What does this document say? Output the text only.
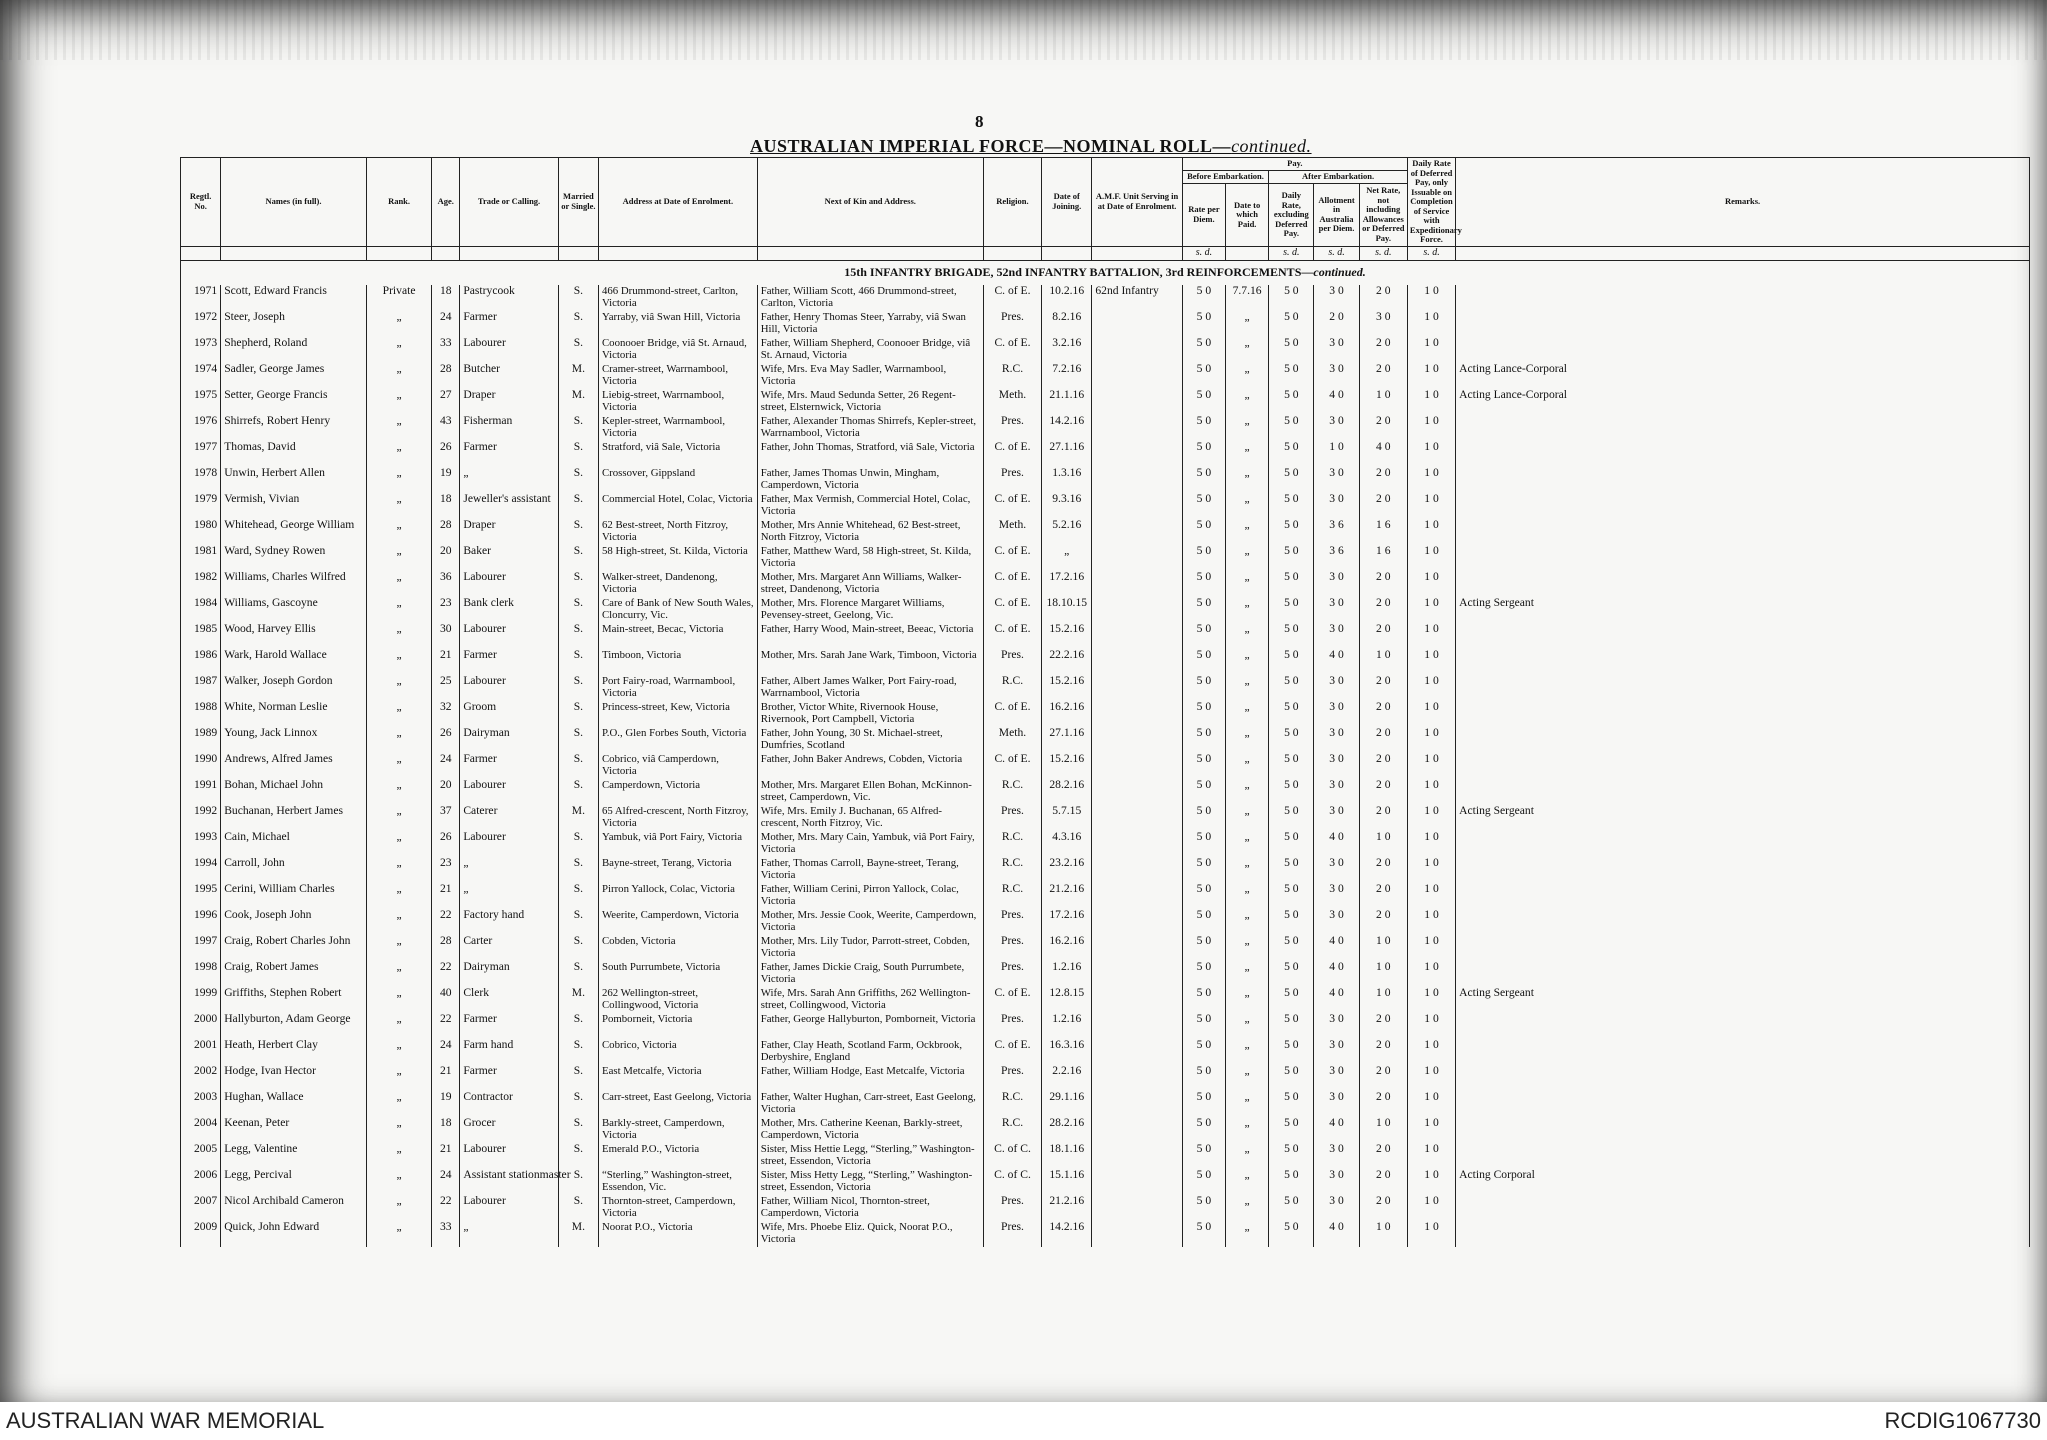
8
AUSTRALIAN IMPERIAL FORCE—NOMINAL ROLL—continued.
Regtl. No.	Names (in full).	Rank.	Age.	Trade or Calling.	Married or Single.	Address at Date of Enrolment.	Next of Kin and Address.	Religion.	Date of Joining.	A.M.F. Unit Serving in at Date of Enrolment.	Pay.					Daily Rate of Deferred Pay, only Issuable on Completion of Service with Expeditionary Force.	Remarks.
											Before Embarkation.		After Embarkation.				
											Rate per Diem.	Date to which Paid.	Daily Rate, excluding Deferred Pay.	Allotment in Australia per Diem.	Net Rate, not including Allowances or Deferred Pay.		
											s. d.		s. d.	s. d.	s. d.	s. d.	
15th INFANTRY BRIGADE, 52nd INFANTRY BATTALION, 3rd REINFORCEMENTS—continued.																	
1971	Scott, Edward Francis	Private	18	Pastrycook	S.	466 Drummond-street, Carlton, Victoria	Father, William Scott, 466 Drummond-street, Carlton, Victoria	C. of E.	10.2.16	62nd Infantry	5 0	7.7.16	5 0	3 0	2 0	1 0	
1972	Steer, Joseph	„	24	Farmer	S.	Yarraby, viâ Swan Hill, Victoria	Father, Henry Thomas Steer, Yarraby, viâ Swan Hill, Victoria	Pres.	8.2.16		5 0	„	5 0	2 0	3 0	1 0	
1973	Shepherd, Roland	„	33	Labourer	S.	Coonooer Bridge, viâ St. Arnaud, Victoria	Father, William Shepherd, Coonooer Bridge, viâ St. Arnaud, Victoria	C. of E.	3.2.16		5 0	„	5 0	3 0	2 0	1 0	
1974	Sadler, George James	„	28	Butcher	M.	Cramer-street, Warrnambool, Victoria	Wife, Mrs. Eva May Sadler, Warrnambool, Victoria	R.C.	7.2.16		5 0	„	5 0	3 0	2 0	1 0	Acting Lance-Corporal
1975	Setter, George Francis	„	27	Draper	M.	Liebig-street, Warrnambool, Victoria	Wife, Mrs. Maud Sedunda Setter, 26 Regent-street, Elsternwick, Victoria	Meth.	21.1.16		5 0	„	5 0	4 0	1 0	1 0	Acting Lance-Corporal
1976	Shirrefs, Robert Henry	„	43	Fisherman	S.	Kepler-street, Warrnambool, Victoria	Father, Alexander Thomas Shirrefs, Kepler-street, Warrnambool, Victoria	Pres.	14.2.16		5 0	„	5 0	3 0	2 0	1 0	
1977	Thomas, David	„	26	Farmer	S.	Stratford, viâ Sale, Victoria	Father, John Thomas, Stratford, viâ Sale, Victoria	C. of E.	27.1.16		5 0	„	5 0	1 0	4 0	1 0	
1978	Unwin, Herbert Allen	„	19	„	S.	Crossover, Gippsland	Father, James Thomas Unwin, Mingham, Camperdown, Victoria	Pres.	1.3.16		5 0	„	5 0	3 0	2 0	1 0	
1979	Vermish, Vivian	„	18	Jeweller's assistant	S.	Commercial Hotel, Colac, Victoria	Father, Max Vermish, Commercial Hotel, Colac, Victoria	C. of E.	9.3.16		5 0	„	5 0	3 0	2 0	1 0	
1980	Whitehead, George William	„	28	Draper	S.	62 Best-street, North Fitzroy, Victoria	Mother, Mrs Annie Whitehead, 62 Best-street, North Fitzroy, Victoria	Meth.	5.2.16		5 0	„	5 0	3 6	1 6	1 0	
1981	Ward, Sydney Rowen	„	20	Baker	S.	58 High-street, St. Kilda, Victoria	Father, Matthew Ward, 58 High-street, St. Kilda, Victoria	C. of E.	„		5 0	„	5 0	3 6	1 6	1 0	
1982	Williams, Charles Wilfred	„	36	Labourer	S.	Walker-street, Dandenong, Victoria	Mother, Mrs. Margaret Ann Williams, Walker-street, Dandenong, Victoria	C. of E.	17.2.16		5 0	„	5 0	3 0	2 0	1 0	
1984	Williams, Gascoyne	„	23	Bank clerk	S.	Care of Bank of New South Wales, Cloncurry, Vic.	Mother, Mrs. Florence Margaret Williams, Pevensey-street, Geelong, Vic.	C. of E.	18.10.15		5 0	„	5 0	3 0	2 0	1 0	Acting Sergeant
1985	Wood, Harvey Ellis	„	30	Labourer	S.	Main-street, Becac, Victoria	Father, Harry Wood, Main-street, Beeac, Victoria	C. of E.	15.2.16		5 0	„	5 0	3 0	2 0	1 0	
1986	Wark, Harold Wallace	„	21	Farmer	S.	Timboon, Victoria	Mother, Mrs. Sarah Jane Wark, Timboon, Victoria	Pres.	22.2.16		5 0	„	5 0	4 0	1 0	1 0	
1987	Walker, Joseph Gordon	„	25	Labourer	S.	Port Fairy-road, Warrnambool, Victoria	Father, Albert James Walker, Port Fairy-road, Warrnambool, Victoria	R.C.	15.2.16		5 0	„	5 0	3 0	2 0	1 0	
1988	White, Norman Leslie	„	32	Groom	S.	Princess-street, Kew, Victoria	Brother, Victor White, Rivernook House, Rivernook, Port Campbell, Victoria	C. of E.	16.2.16		5 0	„	5 0	3 0	2 0	1 0	
1989	Young, Jack Linnox	„	26	Dairyman	S.	P.O., Glen Forbes South, Victoria	Father, John Young, 30 St. Michael-street, Dumfries, Scotland	Meth.	27.1.16		5 0	„	5 0	3 0	2 0	1 0	
1990	Andrews, Alfred James	„	24	Farmer	S.	Cobrico, viâ Camperdown, Victoria	Father, John Baker Andrews, Cobden, Victoria	C. of E.	15.2.16		5 0	„	5 0	3 0	2 0	1 0	
1991	Bohan, Michael John	„	20	Labourer	S.	Camperdown, Victoria	Mother, Mrs. Margaret Ellen Bohan, McKinnon-street, Camperdown, Vic.	R.C.	28.2.16		5 0	„	5 0	3 0	2 0	1 0	
1992	Buchanan, Herbert James	„	37	Caterer	M.	65 Alfred-crescent, North Fitzroy, Victoria	Wife, Mrs. Emily J. Buchanan, 65 Alfred-crescent, North Fitzroy, Vic.	Pres.	5.7.15		5 0	„	5 0	3 0	2 0	1 0	Acting Sergeant
1993	Cain, Michael	„	26	Labourer	S.	Yambuk, viâ Port Fairy, Victoria	Mother, Mrs. Mary Cain, Yambuk, viâ Port Fairy, Victoria	R.C.	4.3.16		5 0	„	5 0	4 0	1 0	1 0	
1994	Carroll, John	„	23	„	S.	Bayne-street, Terang, Victoria	Father, Thomas Carroll, Bayne-street, Terang, Victoria	R.C.	23.2.16		5 0	„	5 0	3 0	2 0	1 0	
1995	Cerini, William Charles	„	21	„	S.	Pirron Yallock, Colac, Victoria	Father, William Cerini, Pirron Yallock, Colac, Victoria	R.C.	21.2.16		5 0	„	5 0	3 0	2 0	1 0	
1996	Cook, Joseph John	„	22	Factory hand	S.	Weerite, Camperdown, Victoria	Mother, Mrs. Jessie Cook, Weerite, Camperdown, Victoria	Pres.	17.2.16		5 0	„	5 0	3 0	2 0	1 0	
1997	Craig, Robert Charles John	„	28	Carter	S.	Cobden, Victoria	Mother, Mrs. Lily Tudor, Parrott-street, Cobden, Victoria	Pres.	16.2.16		5 0	„	5 0	4 0	1 0	1 0	
1998	Craig, Robert James	„	22	Dairyman	S.	South Purrumbete, Victoria	Father, James Dickie Craig, South Purrumbete, Victoria	Pres.	1.2.16		5 0	„	5 0	4 0	1 0	1 0	
1999	Griffiths, Stephen Robert	„	40	Clerk	M.	262 Wellington-street, Collingwood, Victoria	Wife, Mrs. Sarah Ann Griffiths, 262 Wellington-street, Collingwood, Victoria	C. of E.	12.8.15		5 0	„	5 0	4 0	1 0	1 0	Acting Sergeant
2000	Hallyburton, Adam George	„	22	Farmer	S.	Pomborneit, Victoria	Father, George Hallyburton, Pomborneit, Victoria	Pres.	1.2.16		5 0	„	5 0	3 0	2 0	1 0	
2001	Heath, Herbert Clay	„	24	Farm hand	S.	Cobrico, Victoria	Father, Clay Heath, Scotland Farm, Ockbrook, Derbyshire, England	C. of E.	16.3.16		5 0	„	5 0	3 0	2 0	1 0	
2002	Hodge, Ivan Hector	„	21	Farmer	S.	East Metcalfe, Victoria	Father, William Hodge, East Metcalfe, Victoria	Pres.	2.2.16		5 0	„	5 0	3 0	2 0	1 0	
2003	Hughan, Wallace	„	19	Contractor	S.	Carr-street, East Geelong, Victoria	Father, Walter Hughan, Carr-street, East Geelong, Victoria	R.C.	29.1.16		5 0	„	5 0	3 0	2 0	1 0	
2004	Keenan, Peter	„	18	Grocer	S.	Barkly-street, Camperdown, Victoria	Mother, Mrs. Catherine Keenan, Barkly-street, Camperdown, Victoria	R.C.	28.2.16		5 0	„	5 0	4 0	1 0	1 0	
2005	Legg, Valentine	„	21	Labourer	S.	Emerald P.O., Victoria	Sister, Miss Hettie Legg, “Sterling,” Washington-street, Essendon, Victoria	C. of C.	18.1.16		5 0	„	5 0	3 0	2 0	1 0	
2006	Legg, Percival	„	24	Assistant stationmaster	S.	“Sterling,” Washington-street, Essendon, Vic.	Sister, Miss Hetty Legg, “Sterling,” Washington-street, Essendon, Victoria	C. of C.	15.1.16		5 0	„	5 0	3 0	2 0	1 0	Acting Corporal
2007	Nicol Archibald Cameron	„	22	Labourer	S.	Thornton-street, Camperdown, Victoria	Father, William Nicol, Thornton-street, Camperdown, Victoria	Pres.	21.2.16		5 0	„	5 0	3 0	2 0	1 0	
2009	Quick, John Edward	„	33	„	M.	Noorat P.O., Victoria	Wife, Mrs. Phoebe Eliz. Quick, Noorat P.O., Victoria	Pres.	14.2.16		5 0	„	5 0	4 0	1 0	1 0	
AUSTRALIAN WAR MEMORIAL	RCDIG1067730
